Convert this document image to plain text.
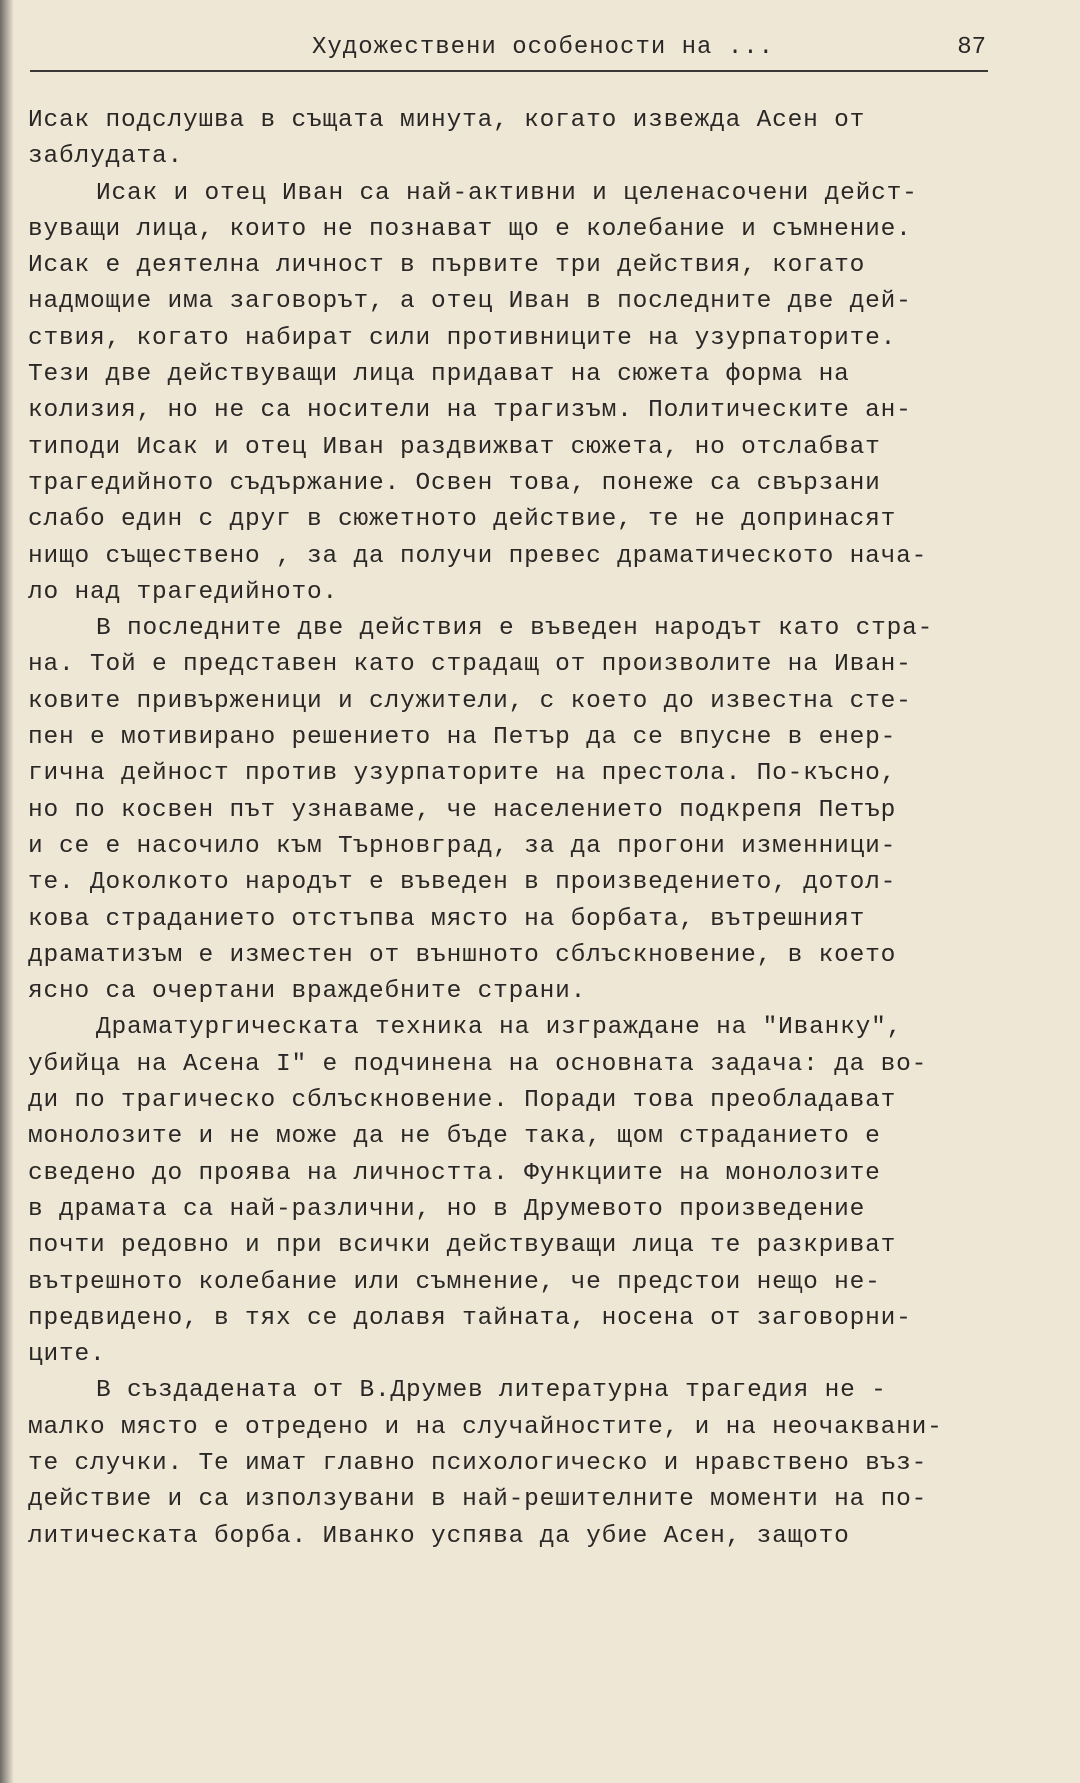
Художествени особености на ...	87
Исак подслушва в същата минута, когато извежда Асен от
заблудата.
Исак и отец Иван са най-активни и целенасочени дейст-
вуващи лица, които не познават що е колебание и съмнение.
Исак е деятелна личност в първите три действия, когато
надмощие има заговорът, а отец Иван в последните две дей-
ствия, когато набират сили противниците на узурпаторите.
Тези две действуващи лица придават на сюжета форма на
колизия, но не са носители на трагизъм. Политическите ан-
типоди Исак и отец Иван раздвижват сюжета, но отслабват
трагедийното съдържание. Освен това, понеже са свързани
слабо един с друг в сюжетното действие, те не допринасят
нищо съществено , за да получи превес драматическото нача-
ло над трагедийното.
В последните две действия е въведен народът като стра-
на. Той е представен като страдащ от произволите на Иван-
ковите привърженици и служители, с което до известна сте-
пен е мотивирано решението на Петър да се впусне в енер-
гична дейност против узурпаторите на престола. По-късно,
но по косвен път узнаваме, че населението подкрепя Петър
и се е насочило към Търновград, за да прогони изменници-
те. Доколкото народът е въведен в произведението, дотол-
кова страданието отстъпва място на борбата, вътрешният
драматизъм е изместен от външното сблъскновение, в което
ясно са очертани враждебните страни.
Драматургическата техника на изграждане на "Иванку",
убийца на Асена I" е подчинена на основната задача: да во-
ди по трагическо сблъскновение. Поради това преобладават
монолозите и не може да не бъде така, щом страданието е
сведено до проява на личността. Функциите на монолозите
в драмата са най-различни, но в Друмевото произведение
почти редовно и при всички действуващи лица те разкриват
вътрешното колебание или съмнение, че предстои нещо не-
предвидено, в тях се долавя тайната, носена от заговорни-
ците.
В създадената от В.Друмев литературна трагедия не -
малко място е отредено и на случайностите, и на неочаквани-
те случки. Те имат главно психологическо и нравствено въз-
действие и са използувани в най-решителните моменти на по-
литическата борба. Иванко успява да убие Асен, защото
